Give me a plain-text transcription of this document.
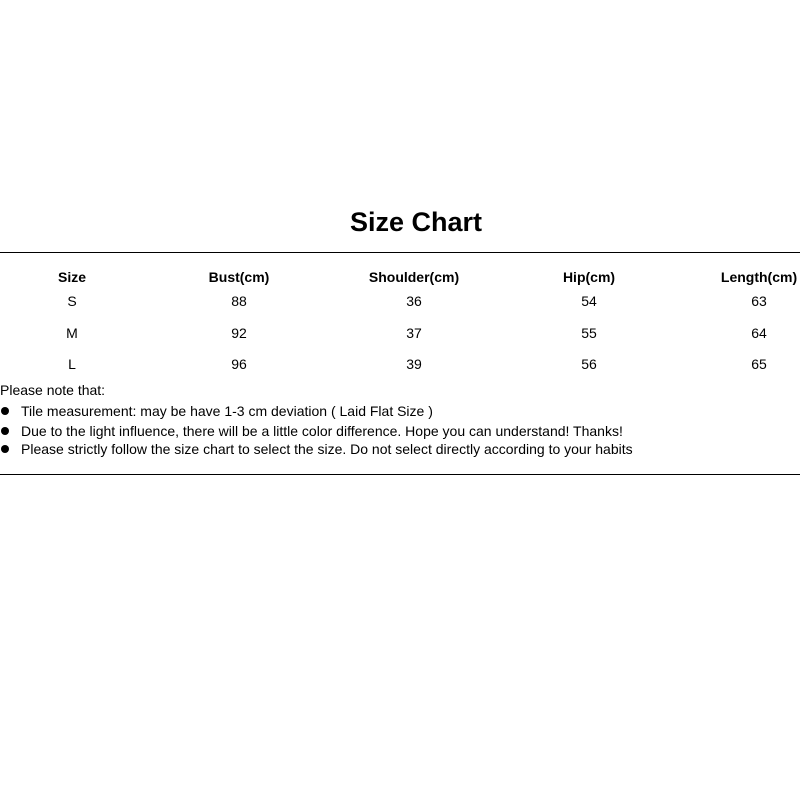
Size Chart
Size	Bust(cm)	Shoulder(cm)	Hip(cm)	Length(cm)
S	88	36	54	63
M	92	37	55	64
L	96	39	56	65
Please note that:
Tile measurement: may be have 1-3 cm deviation ( Laid Flat Size )
Due to the light influence, there will be a little color difference. Hope you can understand! Thanks!
Please strictly follow the size chart to select the size. Do not select directly according to your habits
